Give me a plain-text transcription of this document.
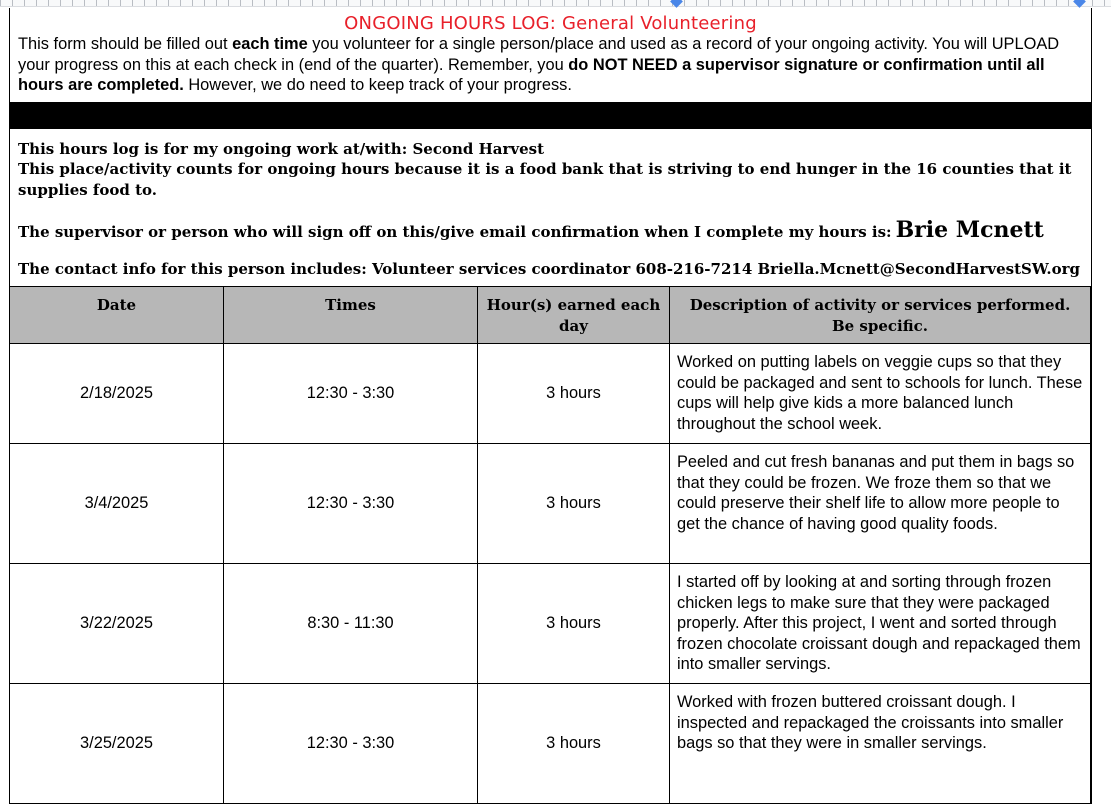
ONGOING HOURS LOG: General Volunteering
This form should be filled out each time you volunteer for a single person/place and used as a record of your ongoing activity. You will UPLOAD your progress on this at each check in (end of the quarter). Remember, you do NOT NEED a supervisor signature or confirmation until all hours are completed. However, we do need to keep track of your progress.

This hours log is for my ongoing work at/with: Second Harvest

This place/activity counts for ongoing hours because it is a food bank that is striving to end hunger in the 16 counties that it supplies food to.

The supervisor or person who will sign off on this/give email confirmation when I complete my hours is: Brie Mcnett

The contact info for this person includes: Volunteer services coordinator 608-216-7214 Briella.Mcnett@SecondHarvestSW.org

Date	Times	Hour(s) earned each day	Description of activity or services performed. Be specific.
2/18/2025	12:30 - 3:30	3 hours	Worked on putting labels on veggie cups so that they could be packaged and sent to schools for lunch. These cups will help give kids a more balanced lunch throughout the school week.
3/4/2025	12:30 - 3:30	3 hours	Peeled and cut fresh bananas and put them in bags so that they could be frozen. We froze them so that we could preserve their shelf life to allow more people to get the chance of having good quality foods.
3/22/2025	8:30 - 11:30	3 hours	I started off by looking at and sorting through frozen chicken legs to make sure that they were packaged properly. After this project, I went and sorted through frozen chocolate croissant dough and repackaged them into smaller servings.
3/25/2025	12:30 - 3:30	3 hours	Worked with frozen buttered croissant dough. I inspected and repackaged the croissants into smaller bags so that they were in smaller servings.
